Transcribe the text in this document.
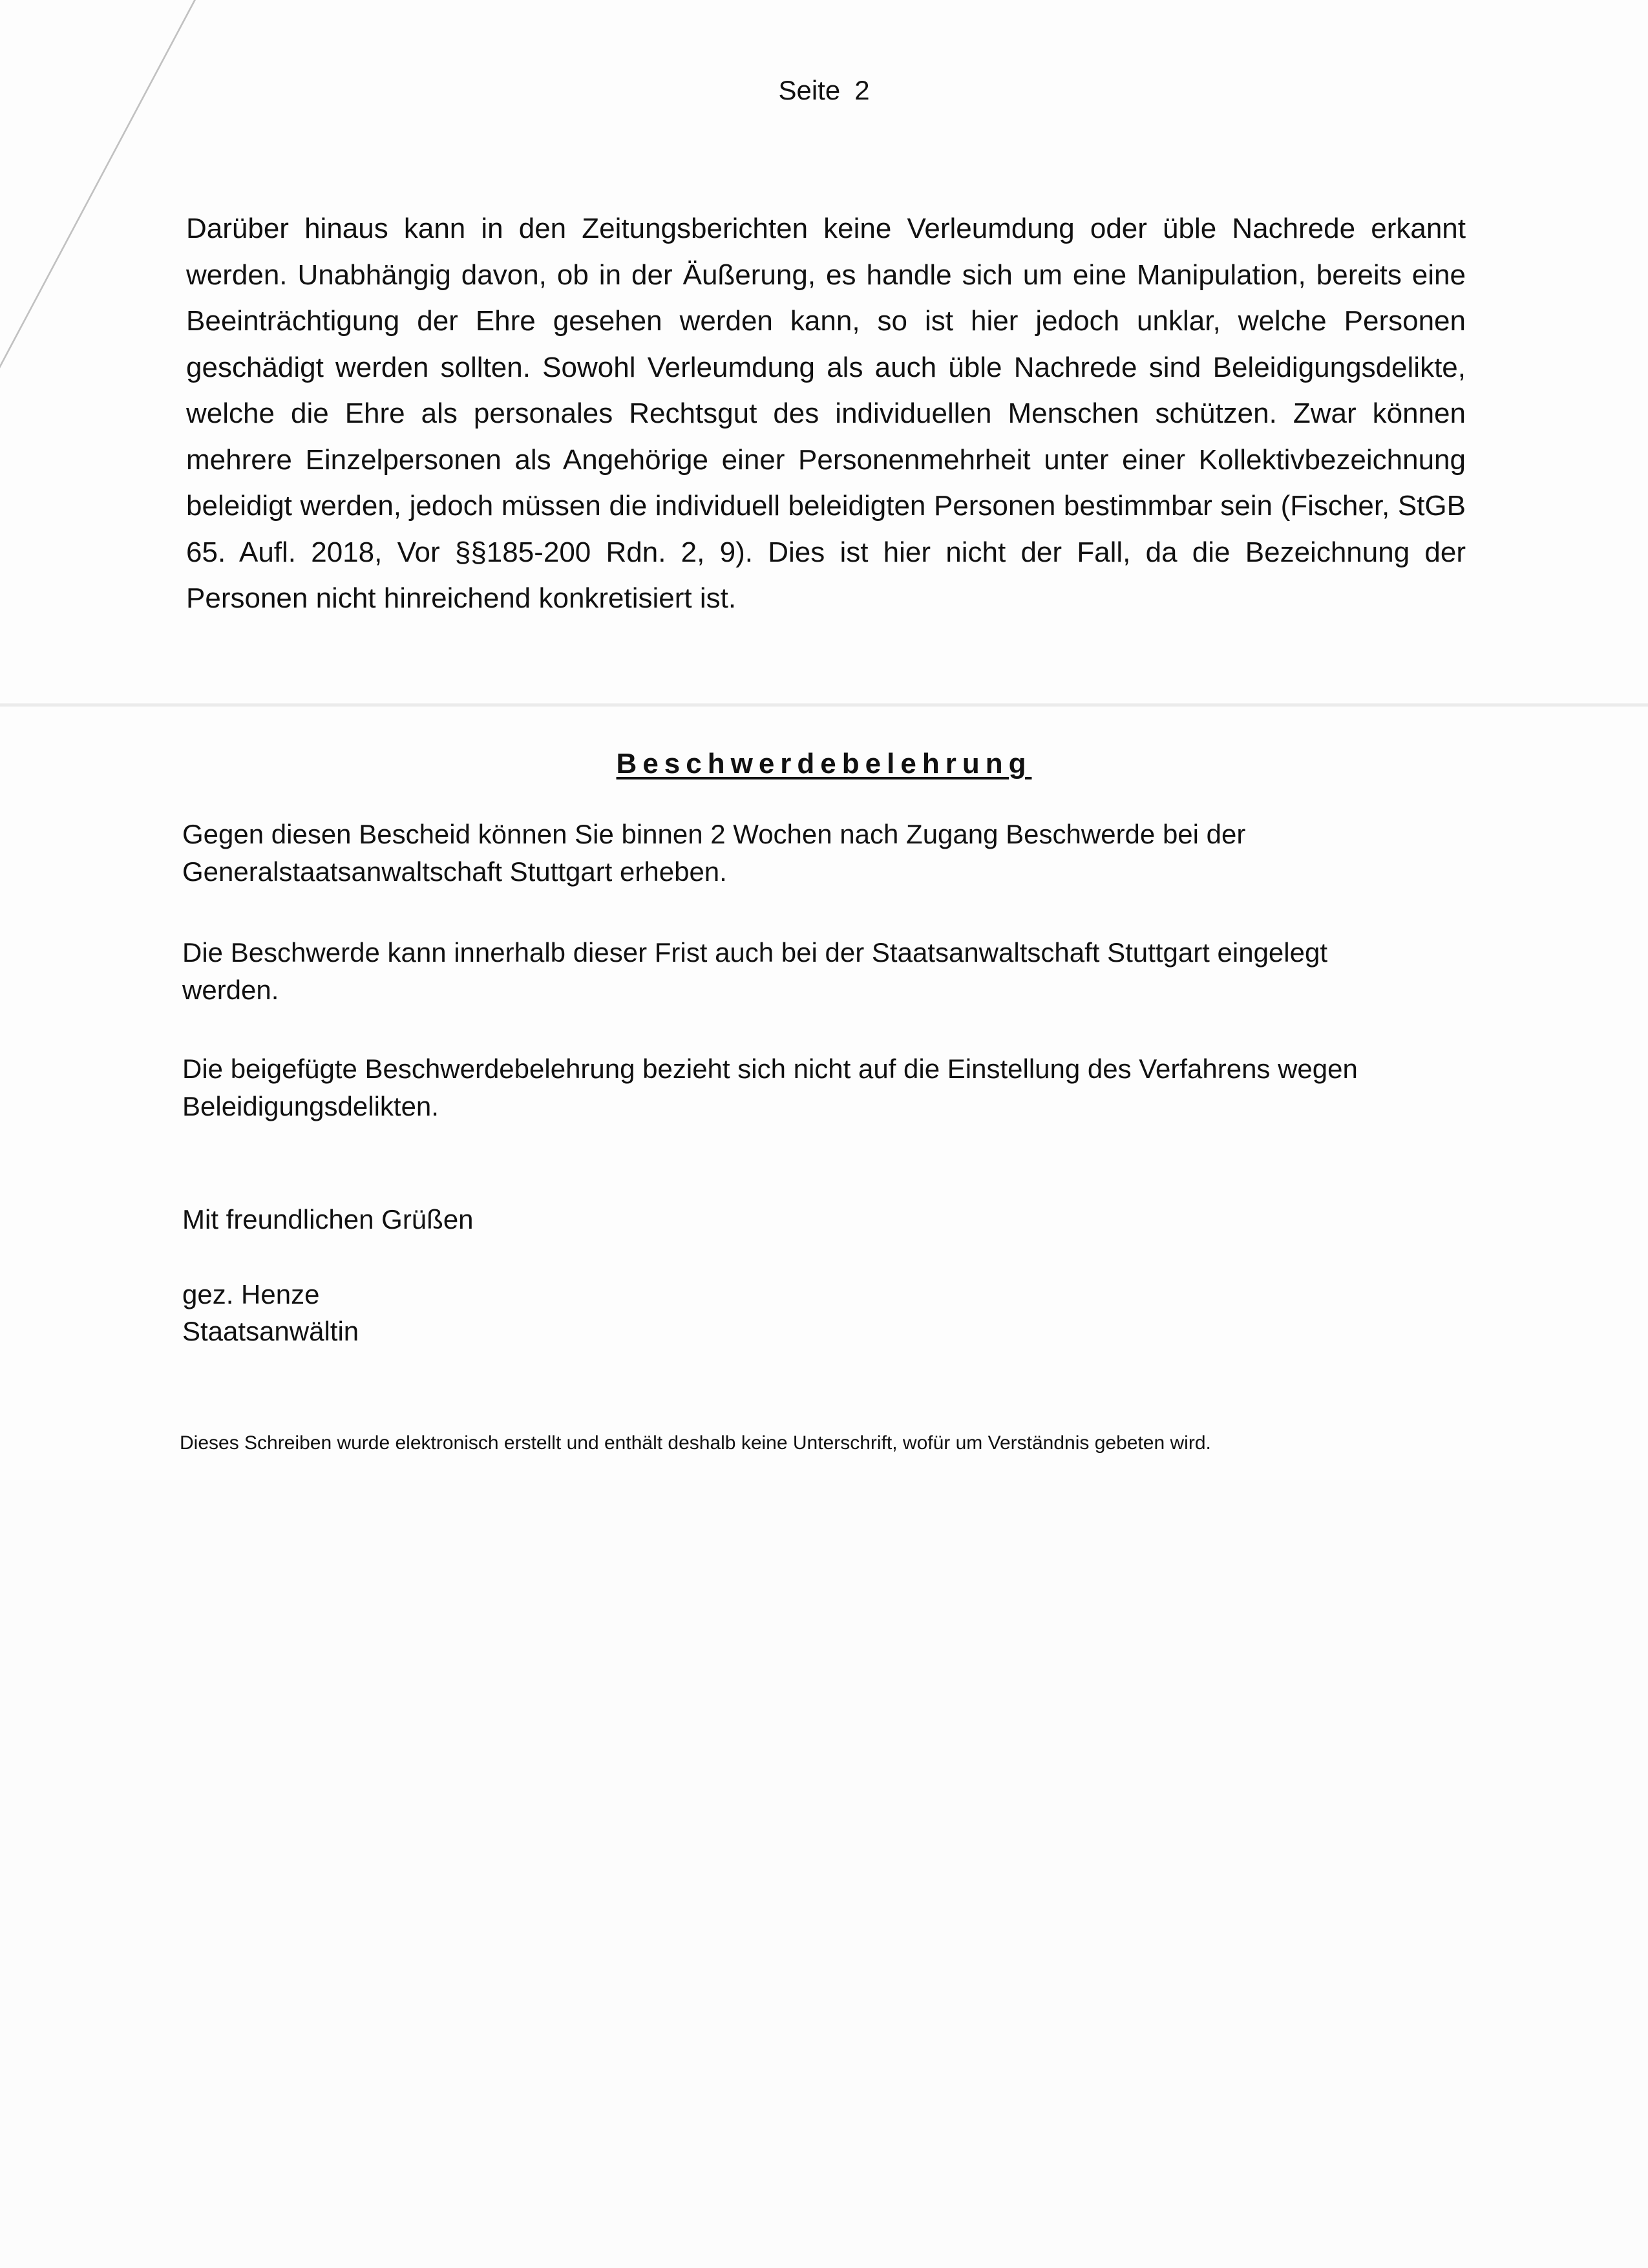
Seite 2

Darüber hinaus kann in den Zeitungsberichten keine Verleumdung oder üble Nachrede erkannt werden. Unabhängig davon, ob in der Äußerung, es handle sich um eine Manipulation, bereits eine Beeinträchtigung der Ehre gesehen werden kann, so ist hier jedoch unklar, welche Personen geschädigt werden sollten. Sowohl Verleumdung als auch üble Nachrede sind Beleidigungsdelikte, welche die Ehre als personales Rechtsgut des individuellen Menschen schützen. Zwar können mehrere Einzelpersonen als Angehörige einer Personenmehrheit unter einer Kollektivbezeichnung beleidigt werden, jedoch müssen die individuell beleidigten Personen bestimmbar sein (Fischer, StGB 65. Aufl. 2018, Vor §§185-200 Rdn. 2, 9). Dies ist hier nicht der Fall, da die Bezeichnung der Personen nicht hinreichend konkretisiert ist.

Beschwerdebelehrung

Gegen diesen Bescheid können Sie binnen 2 Wochen nach Zugang Beschwerde bei der Generalstaatsanwaltschaft Stuttgart erheben.

Die Beschwerde kann innerhalb dieser Frist auch bei der Staatsanwaltschaft Stuttgart eingelegt werden.

Die beigefügte Beschwerdebelehrung bezieht sich nicht auf die Einstellung des Verfahrens wegen Beleidigungsdelikten.

Mit freundlichen Grüßen

gez. Henze

Staatsanwältin

Dieses Schreiben wurde elektronisch erstellt und enthält deshalb keine Unterschrift, wofür um Verständnis gebeten wird.
